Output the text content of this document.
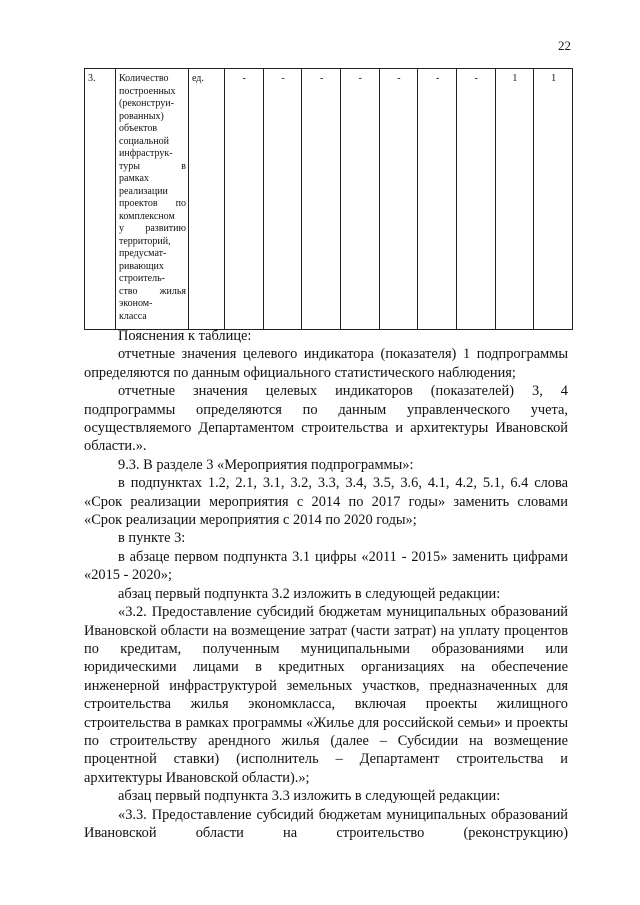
22
3.	Количество
построенных
(реконструи-
рованных)
объектов
социальной
инфраструк-
туры в
рамках
реализации
проектов по
комплексном
у развитию
территорий,
предусмат-
ривающих
строитель-
ство жилья
эконом-
класса
	ед.	-	-	-	-	-	-	-	1	1

Пояснения к таблице:

отчетные значения целевого индикатора (показателя) 1 подпрограммы определяются по данным официального статистического наблюдения;

отчетные значения целевых индикаторов (показателей) 3, 4 подпрограммы определяются по данным управленческого учета, осуществляемого Департаментом строительства и архитектуры Ивановской области.».

9.3. В разделе 3 «Мероприятия подпрограммы»:

в подпунктах 1.2, 2.1, 3.1, 3.2, 3.3, 3.4, 3.5, 3.6, 4.1, 4.2, 5.1, 6.4 слова «Срок реализации мероприятия с 2014 по 2017 годы» заменить словами «Срок реализации мероприятия с 2014 по 2020 годы»;

в пункте 3:

в абзаце первом подпункта 3.1 цифры «2011 - 2015» заменить цифрами «2015 - 2020»;

абзац первый подпункта 3.2 изложить в следующей редакции:

«3.2. Предоставление субсидий бюджетам муниципальных образований Ивановской области на возмещение затрат (части затрат) на уплату процентов по кредитам, полученным муниципальными образованиями или юридическими лицами в кредитных организациях на обеспечение инженерной инфраструктурой земельных участков, предназначенных для строительства жилья экономкласса, включая проекты жилищного строительства в рамках программы «Жилье для российской семьи» и проекты по строительству арендного жилья (далее – Субсидии на возмещение процентной ставки) (исполнитель – Департамент строительства и архитектуры Ивановской области).»;

абзац первый подпункта 3.3 изложить в следующей редакции:

«3.3. Предоставление субсидий бюджетам муниципальных образований Ивановской области на строительство (реконструкцию)
